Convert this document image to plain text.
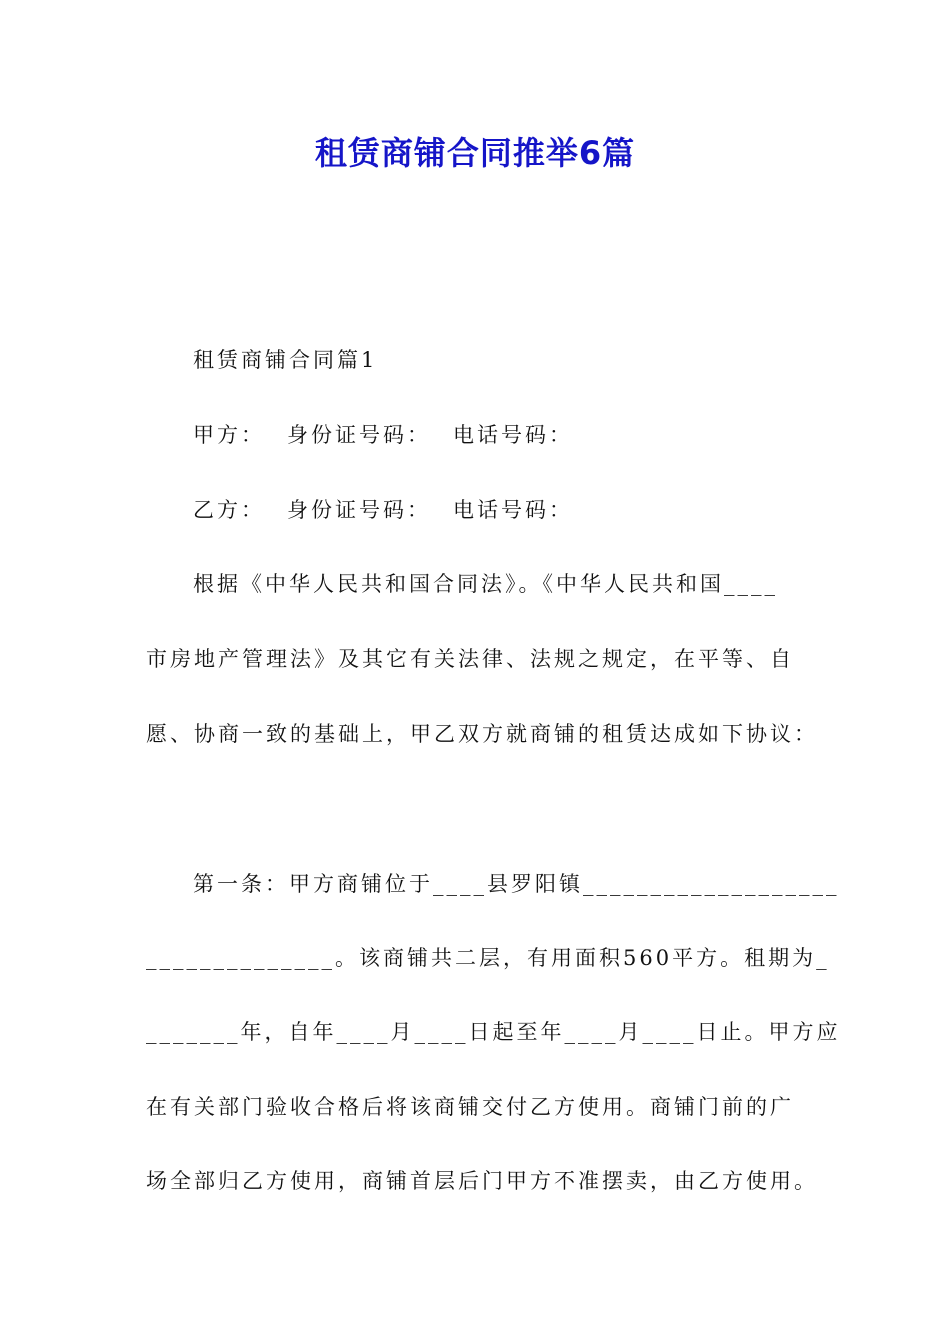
租赁商铺合同推举6篇
租赁商铺合同篇1
甲方： 身份证号码： 电话号码：
乙方： 身份证号码： 电话号码：
根据《中华人民共和国合同法》。《中华人民共和国____
市房地产管理法》及其它有关法律、法规之规定，在平等、自
愿、协商一致的基础上，甲乙双方就商铺的租赁达成如下协议：
第一条：甲方商铺位于____县罗阳镇___________________
______________。该商铺共二层，有用面积560平方。租期为_
_______年，自年____月____日起至年____月____日止。甲方应
在有关部门验收合格后将该商铺交付乙方使用。商铺门前的广
场全部归乙方使用，商铺首层后门甲方不准摆卖，由乙方使用。
